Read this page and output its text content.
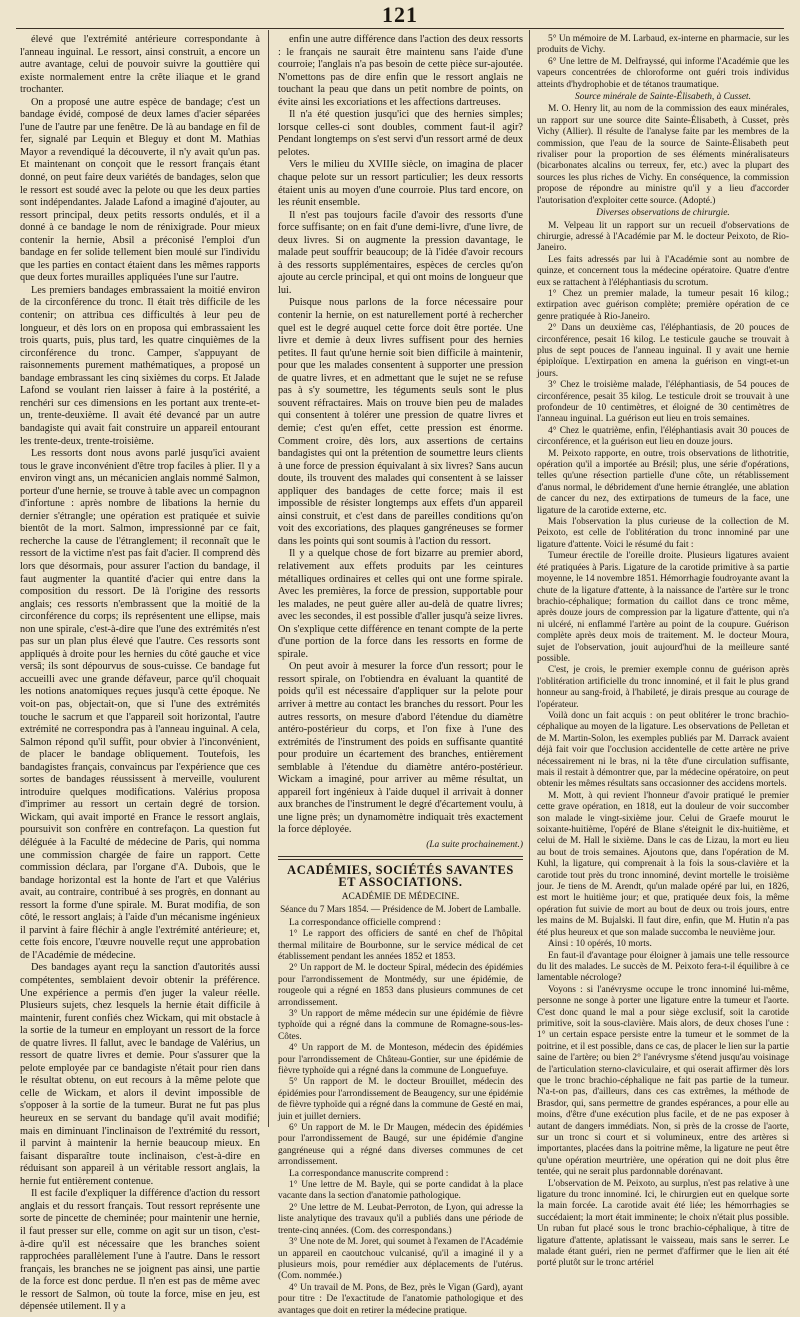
121

élevé que l'extrémité antérieure correspondante à l'anneau inguinal. Le ressort, ainsi construit, a encore un autre avantage, celui de pouvoir suivre la gouttière qui existe normalement entre la crête iliaque et le grand trochanter.

On a proposé une autre espèce de bandage; c'est un bandage évidé, composé de deux lames d'acier séparées l'une de l'autre par une fenêtre. De là au bandage en fil de fer, signalé par Lequin et Bleguy et dont M. Mathias Mayor a revendiqué la découverte, il n'y avait qu'un pas. Et maintenant on conçoit que le ressort français étant donné, on peut faire deux variétés de bandages, selon que le ressort est soudé avec la pelote ou que les deux parties sont indépendantes. Jalade Lafond a imaginé d'ajouter, au ressort principal, deux petits ressorts ondulés, et il a donné à ce bandage le nom de rénixigrade. Pour mieux contenir la hernie, Absil a préconisé l'emploi d'un bandage en fer solide tellement bien moulé sur l'individu que les parties en contact étaient dans les mêmes rapports que deux fortes murailles appliquées l'une sur l'autre.

Les premiers bandages embrassaient la moitié environ de la circonférence du tronc. Il était très difficile de les contenir; on attribua ces difficultés à leur peu de longueur, et dès lors on en proposa qui embrassaient les trois quarts, puis, plus tard, les quatre cinquièmes de la circonférence du tronc. Camper, s'appuyant de raisonnements purement mathématiques, a proposé un bandage embrassant les cinq sixièmes du corps. Et Jalade Lafond se voulant rien laisser à faire à la postérité, a renchéri sur ces dimensions en les portant aux trente-et-un, trente-deuxième. Il avait été devancé par un autre bandagiste qui avait fait construire un appareil entourant les trente-deux, trente-troisième.

Les ressorts dont nous avons parlé jusqu'ici avaient tous le grave inconvénient d'être trop faciles à plier. Il y a environ vingt ans, un mécanicien anglais nommé Salmon, porteur d'une hernie, se trouve à table avec un compagnon d'infortune : après nombre de libations la hernie du dernier s'étrangle; une opération est pratiquée et suivie bientôt de la mort. Salmon, impressionné par ce fait, recherche la cause de l'étranglement; il reconnaît que le ressort de la victime n'est pas fait d'acier. Il comprend dès lors que désormais, pour assurer l'action du bandage, il faut augmenter la quantité d'acier qui entre dans la composition du ressort. De là l'origine des ressorts anglais; ces ressorts n'embrassent que la moitié de la circonférence du corps; ils représentent une ellipse, mais non une spirale, c'est-à-dire que l'une des extrémités n'est pas sur un plan plus élevé que l'autre. Ces ressorts sont appliqués à droite pour les hernies du côté gauche et vice versâ; ils sont dépourvus de sous-cuisse. Ce bandage fut accueilli avec une grande défaveur, parce qu'il choquait les notions anatomiques reçues jusqu'à cette époque. Ne voit-on pas, objectait-on, que si l'une des extrémités touche le sacrum et que l'appareil soit horizontal, l'autre extrémité ne correspondra pas à l'anneau inguinal. A cela, Salmon répond qu'il suffit, pour obvier à l'inconvénient, de placer le bandage obliquement. Toutefois, les bandagistes français, convaincus par l'expérience que ces sortes de bandages réussissent à merveille, voulurent introduire quelques modifications. Valérius proposa d'imprimer au ressort un certain degré de torsion. Wickam, qui avait importé en France le ressort anglais, poursuivit son confrère en contrefaçon. La question fut déléguée à la Faculté de médecine de Paris, qui nomma une commission chargée de faire un rapport. Cette commission déclara, par l'organe d'A. Dubois, que le bandage horizontal est la honte de l'art et que Valérius avait, au contraire, contribué à ses progrès, en donnant au ressort la forme d'une spirale. M. Burat modifia, de son côté, le ressort anglais; à l'aide d'un mécanisme ingénieux il parvint à faire fléchir à angle l'extrémité antérieure; et, cette fois encore, l'œuvre nouvelle reçut une approbation de l'Académie de médecine.

Des bandages ayant reçu la sanction d'autorités aussi compétentes, semblaient devoir obtenir la préférence. Une expérience a permis d'en juger la valeur réelle. Plusieurs sujets, chez lesquels la hernie était difficile à maintenir, furent confiés chez Wickam, qui mit obstacle à la sortie de la tumeur en employant un ressort de la force de quatre livres. Il fallut, avec le bandage de Valérius, un ressort de quatre livres et demie. Pour s'assurer que la pelote employée par ce bandagiste n'était pour rien dans le résultat obtenu, on eut recours à la même pelote que celle de Wickam, et alors il devint impossible de s'opposer à la sortie de la tumeur. Burat ne fut pas plus heureux en se servant du bandage qu'il avait modifié; mais en diminuant l'inclinaison de l'extrémité du ressort, il parvint à maintenir la hernie beaucoup mieux. En faisant disparaître toute inclinaison, c'est-à-dire en réduisant son appareil à un véritable ressort anglais, la hernie fut entièrement contenue.

Il est facile d'expliquer la différence d'action du ressort anglais et du ressort français. Tout ressort représente une sorte de pincette de cheminée; pour maintenir une hernie, il faut presser sur elle, comme on agit sur un tison, c'est-à-dire qu'il est nécessaire que les branches soient rapprochées parallèlement l'une à l'autre. Dans le ressort français, les branches ne se joignent pas ainsi, une partie de la force est donc perdue. Il n'en est pas de même avec le ressort de Salmon, où toute la force, mise en jeu, est dépensée utilement. Il y a

enfin une autre différence dans l'action des deux ressorts : le français ne saurait être maintenu sans l'aide d'une courroie; l'anglais n'a pas besoin de cette pièce sur-ajoutée. N'omettons pas de dire enfin que le ressort anglais ne touchant la peau que dans un petit nombre de points, on évite ainsi les excoriations et les affections dartreuses.

Il n'a été question jusqu'ici que des hernies simples; lorsque celles-ci sont doubles, comment faut-il agir? Pendant longtemps on s'est servi d'un ressort armé de deux pelotes.

Vers le milieu du XVIIIe siècle, on imagina de placer chaque pelote sur un ressort particulier; les deux ressorts étaient unis au moyen d'une courroie. Plus tard encore, on les réunit ensemble.

Il n'est pas toujours facile d'avoir des ressorts d'une force suffisante; on en fait d'une demi-livre, d'une livre, de deux livres. Si on augmente la pression davantage, le malade peut souffrir beaucoup; de là l'idée d'avoir recours à des ressorts supplémentaires, espèces de cercles qu'on ajoute au cercle principal, et qui ont moins de longueur que lui.

Puisque nous parlons de la force nécessaire pour contenir la hernie, on est naturellement porté à rechercher quel est le degré auquel cette force doit être portée. Une livre et demie à deux livres suffisent pour des hernies petites. Il faut qu'une hernie soit bien difficile à maintenir, pour que les malades consentent à supporter une pression de quatre livres, et en admettant que le sujet ne se refuse pas à s'y soumettre, les téguments seuls sont le plus souvent réfractaires. Mais on trouve bien peu de malades qui consentent à tolérer une pression de quatre livres et demie; c'est qu'en effet, cette pression est énorme. Comment croire, dès lors, aux assertions de certains bandagistes qui ont la prétention de soumettre leurs clients à une force de pression équivalant à six livres? Sans aucun doute, ils trouvent des malades qui consentent à se laisser appliquer des bandages de cette force; mais il est impossible de résister longtemps aux effets d'un appareil ainsi construit, et c'est dans de pareilles conditions qu'on voit des excoriations, des plaques gangréneuses se former dans les points qui sont soumis à l'action du ressort.

Il y a quelque chose de fort bizarre au premier abord, relativement aux effets produits par les ceintures métalliques ordinaires et celles qui ont une forme spirale. Avec les premières, la force de pression, supportable pour les malades, ne peut guère aller au-delà de quatre livres; avec les secondes, il est possible d'aller jusqu'à seize livres. On s'explique cette différence en tenant compte de la perte d'une portion de la force dans les ressorts en forme de spirale.

On peut avoir à mesurer la force d'un ressort; pour le ressort spirale, on l'obtiendra en évaluant la quantité de poids qu'il est nécessaire d'appliquer sur la pelote pour arriver à mettre au contact les branches du ressort. Pour les autres ressorts, on mesure d'abord l'étendue du diamètre antéro-postérieur du corps, et l'on fixe à l'une des extrémités de l'instrument des poids en suffisante quantité pour produire un écartement des branches, entièrement semblable à l'étendue du diamètre antéro-postérieur. Wickam a imaginé, pour arriver au même résultat, un appareil fort ingénieux à l'aide duquel il arrivait à donner aux branches de l'instrument le degré d'écartement voulu, à une ligne près; un dynamomètre indiquait très exactement la force déployée.

(La suite prochainement.)

ACADÉMIES, SOCIÉTÉS SAVANTES ET ASSOCIATIONS.

ACADÉMIE DE MÉDECINE.

Séance du 7 Mars 1854. — Présidence de M. Jobert de Lamballe.

La correspondance officielle comprend :

1° Le rapport des officiers de santé en chef de l'hôpital thermal militaire de Bourbonne, sur le service médical de cet établissement pendant les années 1852 et 1853.

2° Un rapport de M. le docteur Spiral, médecin des épidémies pour l'arrondissement de Montmédy, sur une épidémie, de rougeole qui a régné en 1853 dans plusieurs communes de cet arrondissement.

3° Un rapport de même médecin sur une épidémie de fièvre typhoïde qui a régné dans la commune de Romagne-sous-les-Côtes.

4° Un rapport de M. de Monteson, médecin des épidémies pour l'arrondissement de Château-Gontier, sur une épidémie de fièvre typhoïde qui a régné dans la commune de Longuefuye.

5° Un rapport de M. le docteur Brouillet, médecin des épidémies pour l'arrondissement de Beaugency, sur une épidémie de fièvre typhoïde qui a régné dans la commune de Gesté en mai, juin et juillet derniers.

6° Un rapport de M. le Dr Maugen, médecin des épidémies pour l'arrondissement de Baugé, sur une épidémie d'angine gangréneuse qui a régné dans diverses communes de cet arrondissement.

La correspondance manuscrite comprend :

1° Une lettre de M. Bayle, qui se porte candidat à la place vacante dans la section d'anatomie pathologique.

2° Une lettre de M. Leubat-Perroton, de Lyon, qui adresse la liste analytique des travaux qu'il a publiés dans une période de trente-cinq années. (Com. des correspondans.)

3° Une note de M. Joret, qui soumet à l'examen de l'Académie un appareil en caoutchouc vulcanisé, qu'il a imaginé il y a plusieurs mois, pour remédier aux déplacements de l'utérus. (Com. nommée.)

4° Un travail de M. Pons, de Bez, près le Vigan (Gard), ayant pour titre : De l'exactitude de l'anatomie pathologique et des avantages que doit en retirer la médecine pratique.

5° Un mémoire de M. Larbaud, ex-interne en pharmacie, sur les produits de Vichy.

6° Une lettre de M. Delfrayssé, qui informe l'Académie que les vapeurs concentrées de chloroforme ont guéri trois individus atteints d'hydrophobie et de tétanos traumatique.

Source minérale de Sainte-Élisabeth, à Cusset.

M. O. Henry lit, au nom de la commission des eaux minérales, un rapport sur une source dite Sainte-Élisabeth, à Cusset, près Vichy (Allier). Il résulte de l'analyse faite par les membres de la commission, que l'eau de la source de Sainte-Élisabeth peut rivaliser pour la proportion de ses éléments minéralisateurs (bicarbonates alcalins ou terreux, fer, etc.) avec la plupart des sources les plus riches de Vichy. En conséquence, la commission propose de répondre au ministre qu'il y a lieu d'accorder l'autorisation d'exploiter cette source. (Adopté.)

Diverses observations de chirurgie.

M. Velpeau lit un rapport sur un recueil d'observations de chirurgie, adressé à l'Académie par M. le docteur Peixoto, de Rio-Janeiro.

Les faits adressés par lui à l'Académie sont au nombre de quinze, et concernent tous la médecine opératoire. Quatre d'entre eux se rattachent à l'éléphantiasis du scrotum.

1° Chez un premier malade, la tumeur pesait 16 kilog.; extirpation avec guérison complète; première opération de ce genre pratiquée à Rio-Janeiro.

2° Dans un deuxième cas, l'éléphantiasis, de 20 pouces de circonférence, pesait 16 kilog. Le testicule gauche se trouvait à plus de sept pouces de l'anneau inguinal. Il y avait une hernie épiploïque. L'extirpation en amena la guérison en vingt-et-un jours.

3° Chez le troisième malade, l'éléphantiasis, de 54 pouces de circonférence, pesait 35 kilog. Le testicule droit se trouvait à une profondeur de 10 centimètres, et éloigné de 30 centimètres de l'anneau inguinal. La guérison eut lieu en trois semaines.

4° Chez le quatrième, enfin, l'éléphantiasis avait 30 pouces de circonférence, et la guérison eut lieu en douze jours.

M. Peixoto rapporte, en outre, trois observations de lithotritie, opération qu'il a importée au Brésil; plus, une série d'opérations, telles qu'une résection partielle d'une côte, un rétablissement d'anus normal, le débridement d'une hernie étranglée, une ablation de cancer du nez, des extirpations de tumeurs de la face, une ligature de la carotide externe, etc.

Mais l'observation la plus curieuse de la collection de M. Peixoto, est celle de l'oblitération du tronc innominé par une ligature d'attente. Voici le résumé du fait :

Tumeur érectile de l'oreille droite. Plusieurs ligatures avaient été pratiquées à Paris. Ligature de la carotide primitive à sa partie moyenne, le 14 novembre 1851. Hémorrhagie foudroyante avant la chute de la ligature d'attente, à la naissance de l'artère sur le tronc brachio-céphalique; formation du caillot dans ce tronc même, après douze jours de compression par la ligature d'attente, qui n'a ni ulcéré, ni enflammé l'artère au point de la coupure. Guérison complète après deux mois de traitement. M. le docteur Moura, sujet de l'observation, jouit aujourd'hui de la meilleure santé possible.

C'est, je crois, le premier exemple connu de guérison après l'oblitération artificielle du tronc innominé, et il fait le plus grand honneur au sang-froid, à l'habileté, je dirais presque au courage de l'opérateur.

Voilà donc un fait acquis : on peut oblitérer le tronc brachio-céphalique au moyen de la ligature. Les observations de Pelletan et de M. Martin-Solon, les exemples publiés par M. Darrack avaient déjà fait voir que l'occlusion accidentelle de cette artère ne prive nécessairement ni le bras, ni la tête d'une circulation suffisante, mais il restait à démontrer que, par la médecine opératoire, on peut obtenir les mêmes résultats sans occasionner des accidens mortels.

M. Mott, à qui revient l'honneur d'avoir pratiqué le premier cette grave opération, en 1818, eut la douleur de voir succomber son malade le vingt-sixième jour. Celui de Graefe mourut le soixante-huitième, l'opéré de Blane s'éteignit le dix-huitième, et celui de M. Hall le sixième. Dans le cas de Lizau, la mort eu lieu au bout de trois semaines. Ajoutons que, dans l'opération de M. Kuhl, la ligature, qui comprenait à la fois la sous-clavière et la carotide tout près du tronc innominé, devint mortelle le troisième jour. Je tiens de M. Arendt, qu'un malade opéré par lui, en 1826, est mort le huitième jour; et que, pratiquée deux fois, la même opération fut suivie de mort au bout de deux ou trois jours, entre les mains de M. Bujalski. Il faut dire, enfin, que M. Hutin n'a pas été plus heureux et que son malade succomba le neuvième jour.

Ainsi : 10 opérés, 10 morts.

En faut-il d'avantage pour éloigner à jamais une telle ressource du lit des malades. Le succès de M. Peixoto fera-t-il équilibre à ce lamentable nécrologe?

Voyons : si l'anévrysme occupe le tronc innominé lui-même, personne ne songe à porter une ligature entre la tumeur et l'aorte. C'est donc quand le mal a pour siège exclusif, soit la carotide primitive, soit la sous-clavière. Mais alors, de deux choses l'une : 1° un certain espace persiste entre la tumeur et le sommet de la poitrine, et il est possible, dans ce cas, de placer le lien sur la partie saine de l'artère; ou bien 2° l'anévrysme s'étend jusqu'au voisinage de l'articulation sterno-claviculaire, et qui oserait affirmer dès lors que le tronc brachio-céphalique ne fait pas partie de la tumeur. N'a-t-on pas, d'ailleurs, dans ces cas extrêmes, la méthode de Brasdor, qui, sans permettre de grandes espérances, a pour elle au moins, d'être d'une exécution plus facile, et de ne pas exposer à autant de dangers immédiats. Non, si près de la crosse de l'aorte, sur un tronc si court et si volumineux, entre des artères si importantes, placées dans la poitrine même, la ligature ne peut être qu'une opération meurtrière, une opération qui ne doit plus être tentée, qui ne serait plus pardonnable dorénavant.

L'observation de M. Peixoto, au surplus, n'est pas relative à une ligature du tronc innominé. Ici, le chirurgien eut en quelque sorte la main forcée. La carotide avait été liée; les hémorrhagies se succédaient; la mort était imminente; le choix n'était plus possible. Un ruban fut placé sous le tronc brachio-céphalique, à titre de ligature d'attente, aplatissant le vaisseau, mais sans le serrer. Le malade étant guéri, rien ne permet d'affirmer que le lien ait été porté plutôt sur le tronc artériel
